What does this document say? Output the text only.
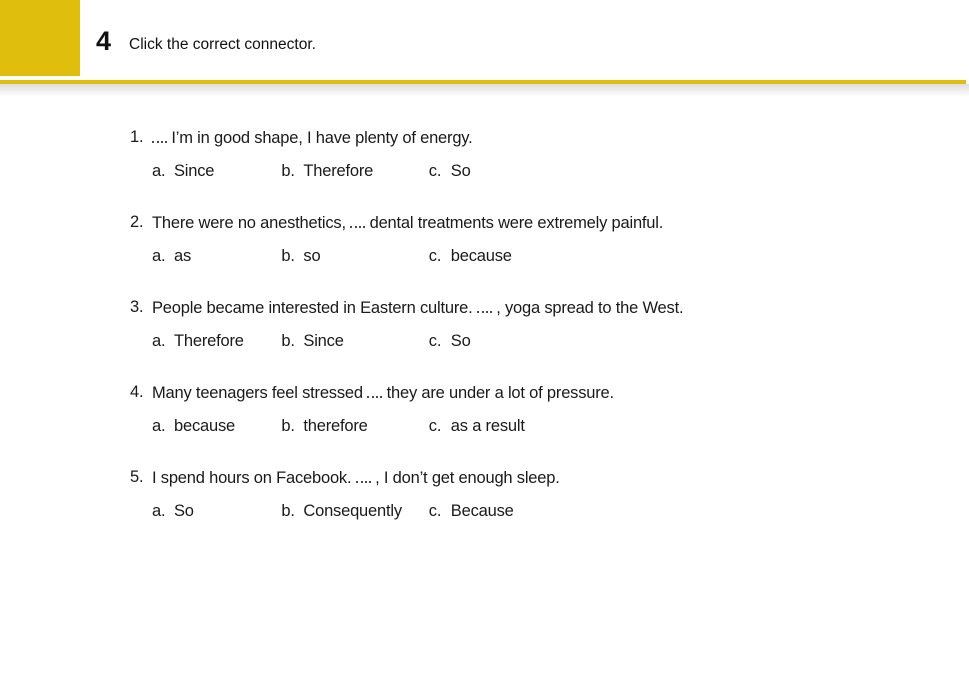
4 Click the correct connector.
1.	I’m in good shape, I have plenty of energy.
a. Since	b. Therefore	c. So
2. There were no anesthetics,  dental treatments were extremely painful.
a. as	b. so	c. because
3. People became interested in Eastern culture.  , yoga spread to the West.
a. Therefore b. Since	c. So
4. Many teenagers feel stressed  they are under a lot of pressure.
a. because	b. therefore	c. as a result
5. I spend hours on Facebook.  , I don’t get enough sleep.
a. So	b. Consequently c. Because
